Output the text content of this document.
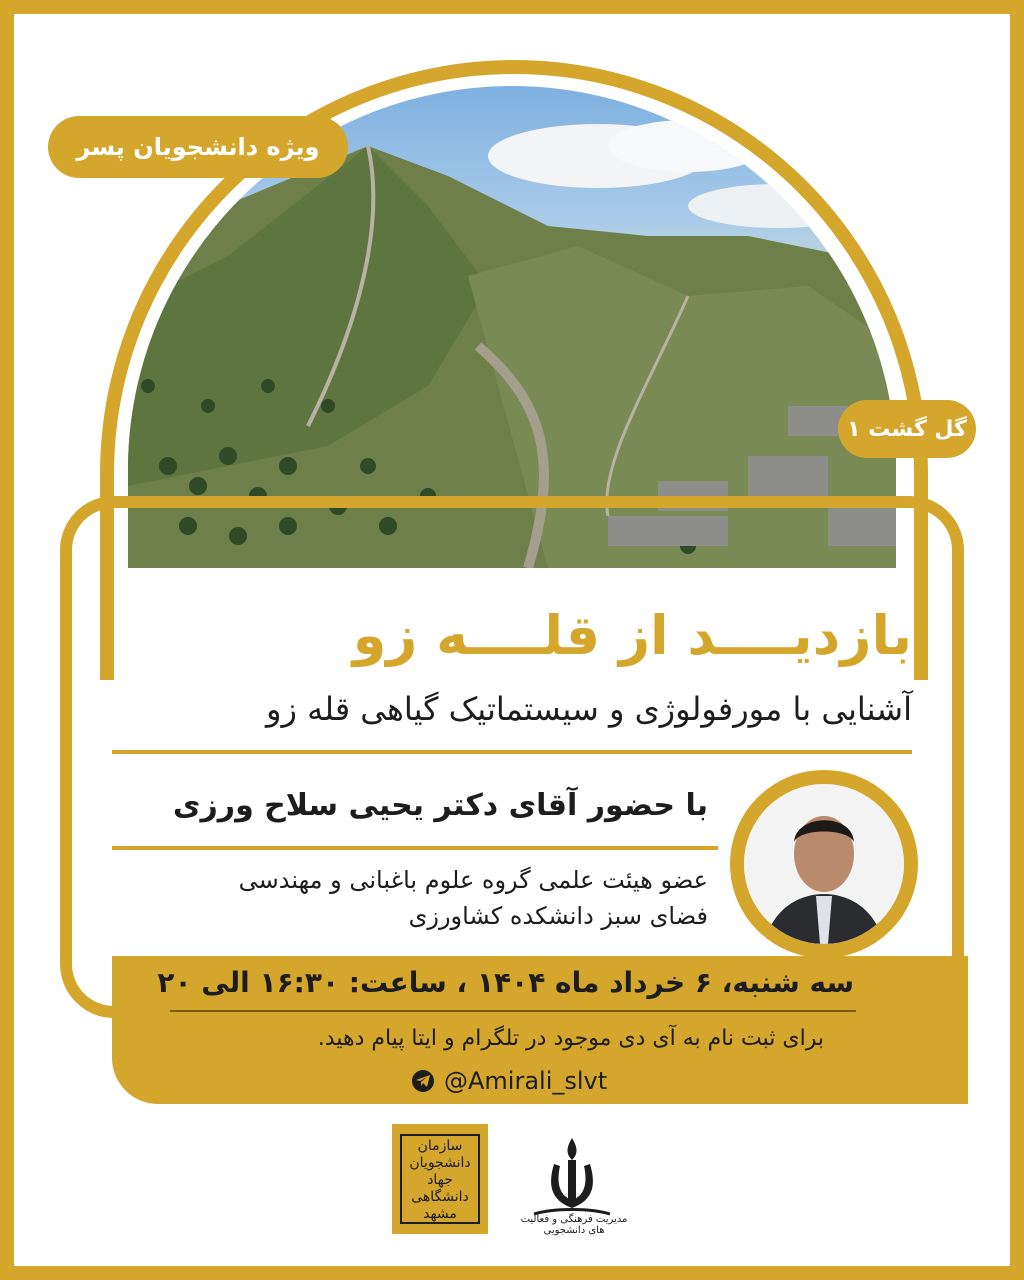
ویژه دانشجویان پسر
گل گشت ۱
بازدیــــد از قلــــه زو
آشنایی با مورفولوژی و سیستماتیک گیاهی قله زو
با حضور آقای دکتر یحیی سلاح ورزی
عضو هیئت علمی گروه علوم باغبانی و مهندسی
فضای سبز دانشکده کشاورزی
سه شنبه، ۶ خرداد ماه ۱۴۰۴ ، ساعت: ۱۶:۳۰ الی ۲۰
برای ثبت نام به آی دی موجود در تلگرام و ایتا پیام دهید.
@Amirali_slvt
سازمان دانشجویان جهاد دانشگاهی مشهد	مدیریت فرهنگی و فعالیت های دانشجویی
